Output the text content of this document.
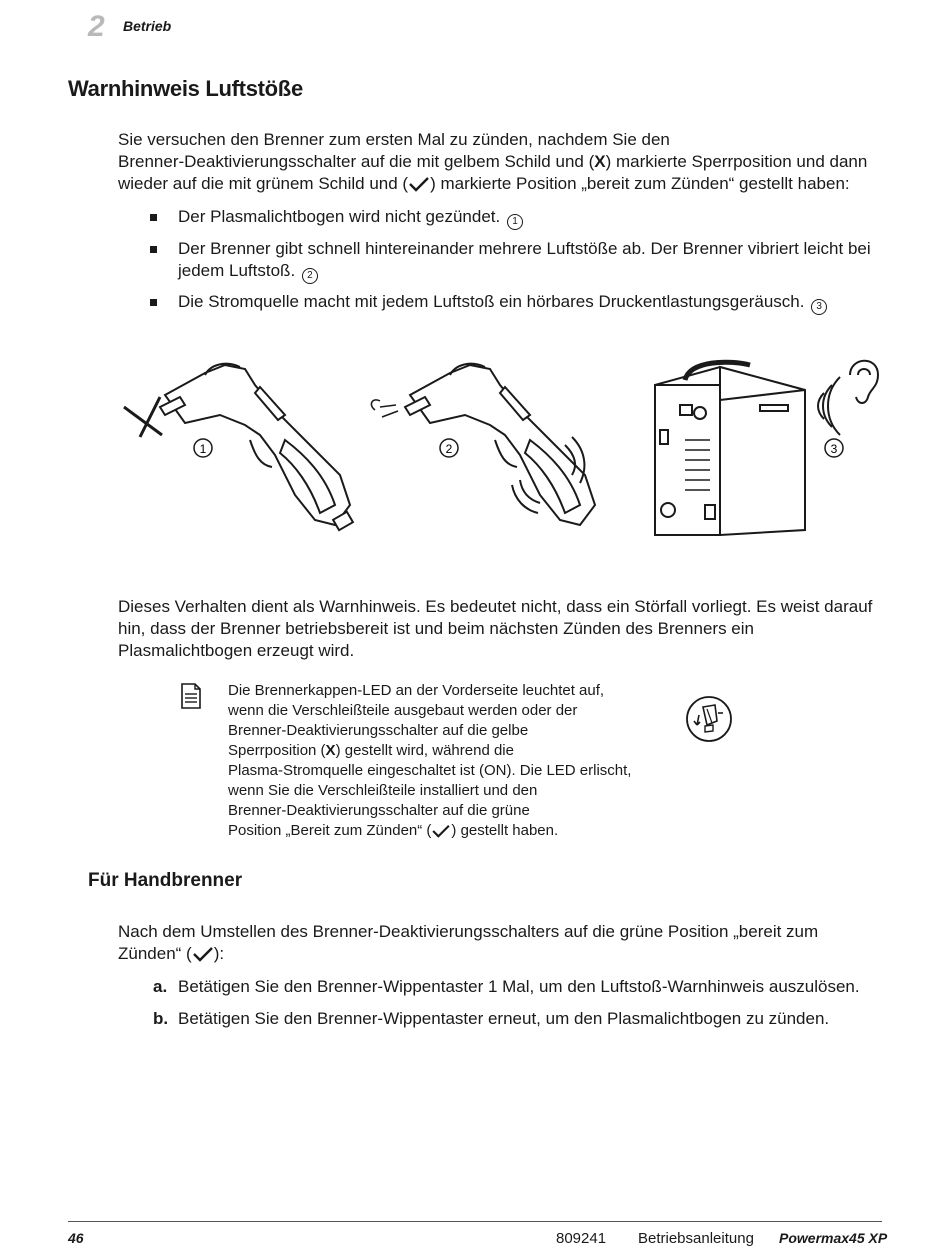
2 Betrieb
Warnhinweis Luftstöße
Sie versuchen den Brenner zum ersten Mal zu zünden, nachdem Sie den
Brenner-Deaktivierungsschalter auf die mit gelbem Schild und (X) markierte Sperrposition und dann
wieder auf die mit grünem Schild und ( ) markierte Position „bereit zum Zünden“ gestellt haben:
Der Plasmalichtbogen wird nicht gezündet. 1
Der Brenner gibt schnell hintereinander mehrere Luftstöße ab. Der Brenner vibriert leicht bei
jedem Luftstoß. 2
Die Stromquelle macht mit jedem Luftstoß ein hörbares Druckentlastungsgeräusch. 3
1	2	3
Dieses Verhalten dient als Warnhinweis. Es bedeutet nicht, dass ein Störfall vorliegt. Es weist darauf
hin, dass der Brenner betriebsbereit ist und beim nächsten Zünden des Brenners ein
Plasmalichtbogen erzeugt wird.
Die Brennerkappen-LED an der Vorderseite leuchtet auf,
wenn die Verschleißteile ausgebaut werden oder der
Brenner-Deaktivierungsschalter auf die gelbe
Sperrposition (X) gestellt wird, während die
Plasma-Stromquelle eingeschaltet ist (ON). Die LED erlischt,
wenn Sie die Verschleißteile installiert und den
Brenner-Deaktivierungsschalter auf die grüne
Position „Bereit zum Zünden“ ( ) gestellt haben.
Für Handbrenner
Nach dem Umstellen des Brenner-Deaktivierungsschalters auf die grüne Position „bereit zum
Zünden“ ( ):
a. Betätigen Sie den Brenner-Wippentaster 1 Mal, um den Luftstoß-Warnhinweis auszulösen.
b. Betätigen Sie den Brenner-Wippentaster erneut, um den Plasmalichtbogen zu zünden.
46	809241 Betriebsanleitung Powermax45 XP
